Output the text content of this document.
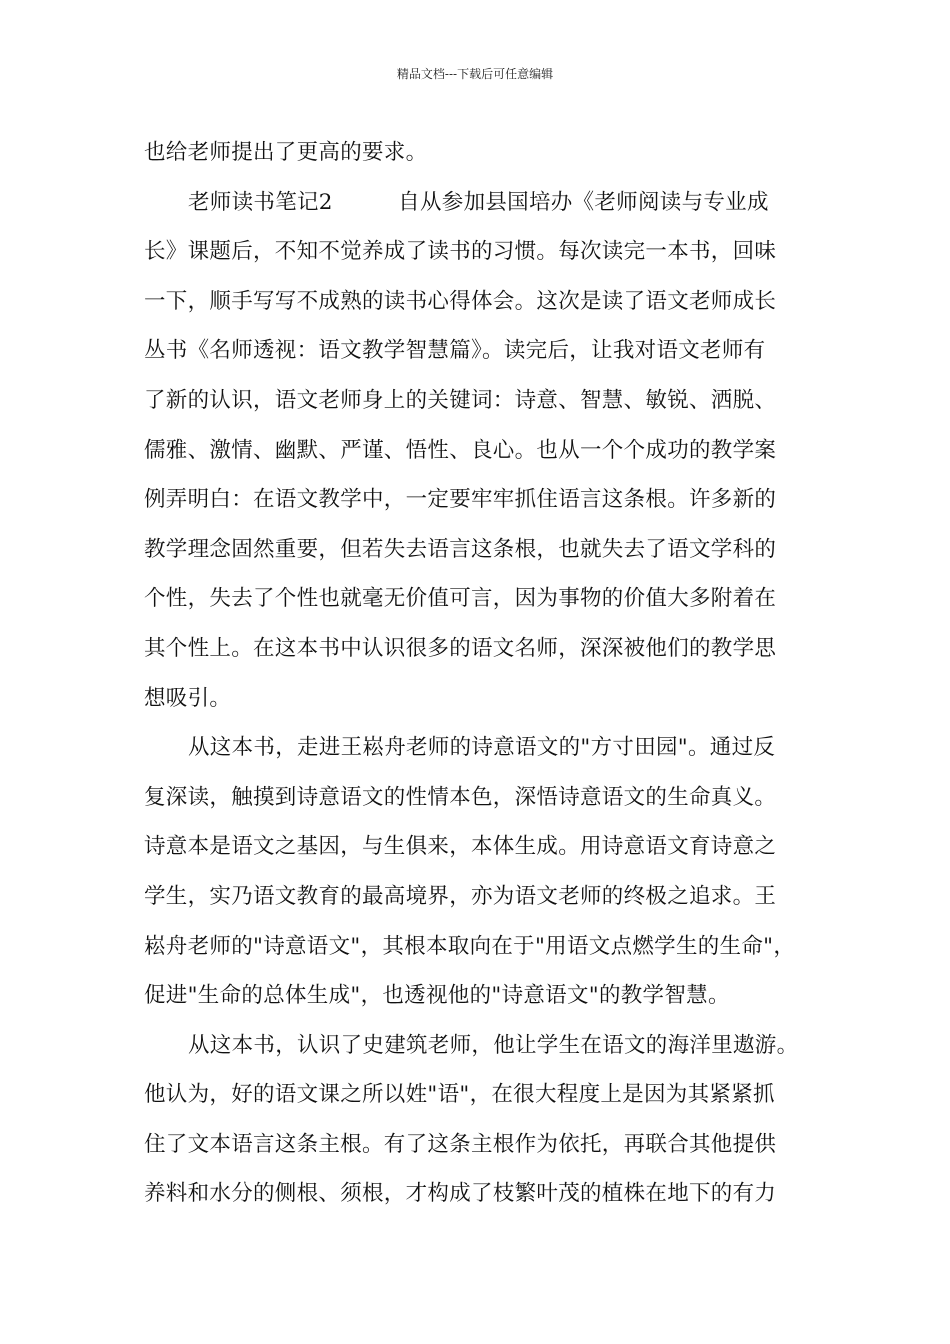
精品文档---下载后可任意编辑
也给老师提出了更高的要求。
老师读书笔记2　　　自从参加县国培办《老师阅读与专业成
长》课题后，不知不觉养成了读书的习惯。每次读完一本书，回味
一下，顺手写写不成熟的读书心得体会。这次是读了语文老师成长
丛书《名师透视：语文教学智慧篇》。读完后，让我对语文老师有
了新的认识，语文老师身上的关键词：诗意、智慧、敏锐、洒脱、
儒雅、激情、幽默、严谨、悟性、良心。也从一个个成功的教学案
例弄明白：在语文教学中，一定要牢牢抓住语言这条根。许多新的
教学理念固然重要，但若失去语言这条根，也就失去了语文学科的
个性，失去了个性也就毫无价值可言，因为事物的价值大多附着在
其个性上。在这本书中认识很多的语文名师，深深被他们的教学思
想吸引。
从这本书，走进王崧舟老师的诗意语文的"方寸田园"。通过反
复深读，触摸到诗意语文的性情本色，深悟诗意语文的生命真义。
诗意本是语文之基因，与生俱来，本体生成。用诗意语文育诗意之
学生，实乃语文教育的最高境界，亦为语文老师的终极之追求。王
崧舟老师的"诗意语文"，其根本取向在于"用语文点燃学生的生命"，
促进"生命的总体生成"，也透视他的"诗意语文"的教学智慧。
从这本书，认识了史建筑老师，他让学生在语文的海洋里遨游。
他认为，好的语文课之所以姓"语"，在很大程度上是因为其紧紧抓
住了文本语言这条主根。有了这条主根作为依托，再联合其他提供
养料和水分的侧根、须根，才构成了枝繁叶茂的植株在地下的有力
